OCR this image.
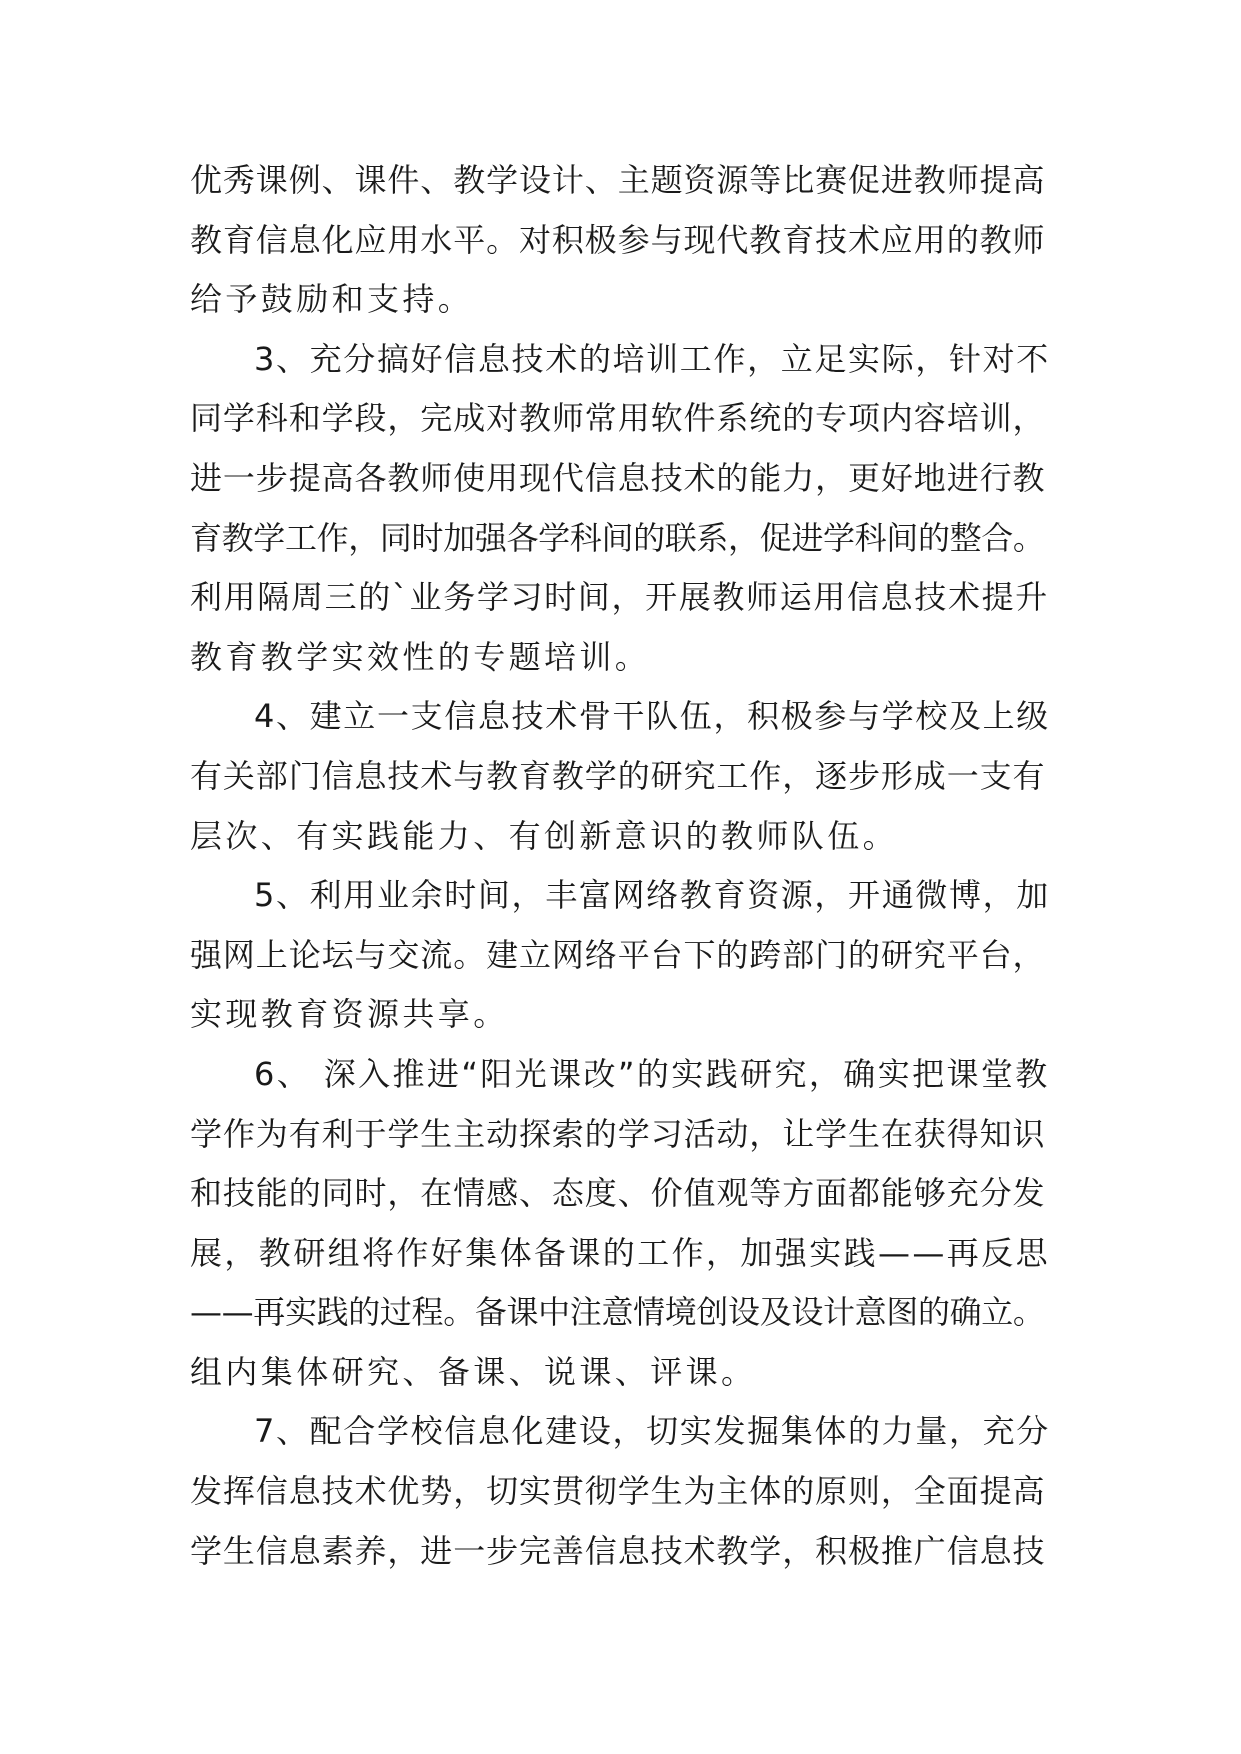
优秀课例、课件、教学设计、主题资源等比赛促进教师提高
教育信息化应用水平。对积极参与现代教育技术应用的教师
给予鼓励和支持。
3、充分搞好信息技术的培训工作，立足实际，针对不
同学科和学段，完成对教师常用软件系统的专项内容培训，
进一步提高各教师使用现代信息技术的能力，更好地进行教
育教学工作，同时加强各学科间的联系，促进学科间的整合。
利用隔周三的`业务学习时间，开展教师运用信息技术提升
教育教学实效性的专题培训。
4、建立一支信息技术骨干队伍，积极参与学校及上级
有关部门信息技术与教育教学的研究工作，逐步形成一支有
层次、有实践能力、有创新意识的教师队伍。
5、利用业余时间，丰富网络教育资源，开通微博，加
强网上论坛与交流。建立网络平台下的跨部门的研究平台，
实现教育资源共享。
6、 深入推进“阳光课改”的实践研究，确实把课堂教
学作为有利于学生主动探索的学习活动，让学生在获得知识
和技能的同时，在情感、态度、价值观等方面都能够充分发
展，教研组将作好集体备课的工作，加强实践——再反思
——再实践的过程。备课中注意情境创设及设计意图的确立。
组内集体研究、备课、说课、评课。
7、配合学校信息化建设，切实发掘集体的力量，充分
发挥信息技术优势，切实贯彻学生为主体的原则，全面提高
学生信息素养，进一步完善信息技术教学，积极推广信息技
